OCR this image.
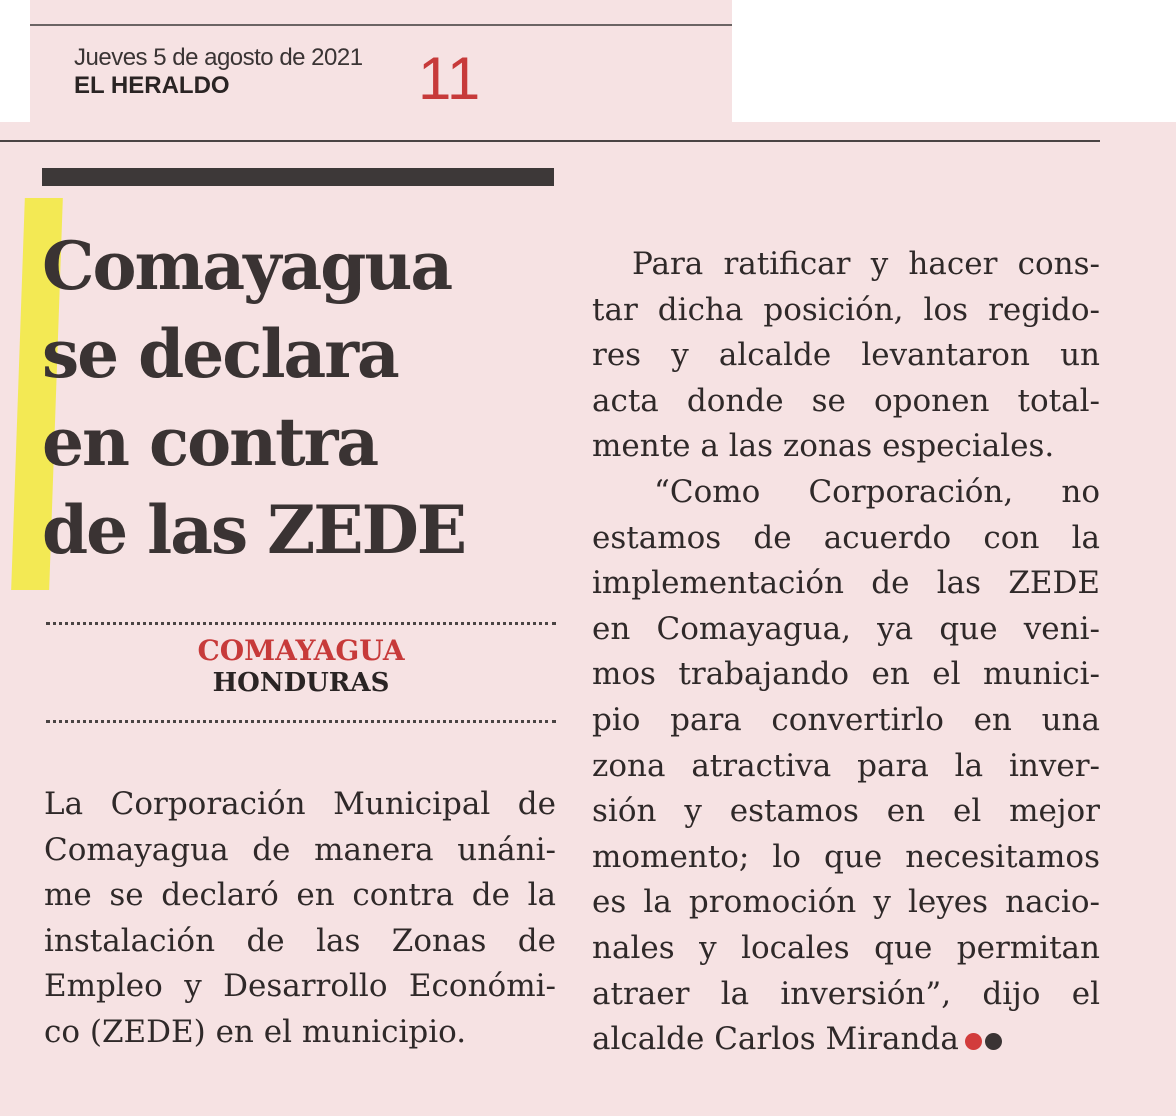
Jueves 5 de agosto de 2021
EL HERALDO	11
Comayagua
se declara
en contra
de las ZEDE
COMAYAGUA
HONDURAS
La Corporación Municipal de
Comayagua de manera unáni-
me se declaró en contra de la
instalación de las Zonas de
Empleo y Desarrollo Económi-
co (ZEDE) en el municipio.
Para ratificar y hacer cons-
tar dicha posición, los regido-
res y alcalde levantaron un
acta donde se oponen total-
mente a las zonas especiales.
“Como Corporación, no
estamos de acuerdo con la
implementación de las ZEDE
en Comayagua, ya que veni-
mos trabajando en el munici-
pio para convertirlo en una
zona atractiva para la inver-
sión y estamos en el mejor
momento; lo que necesitamos
es la promoción y leyes nacio-
nales y locales que permitan
atraer la inversión”, dijo el
alcalde Carlos Miranda
